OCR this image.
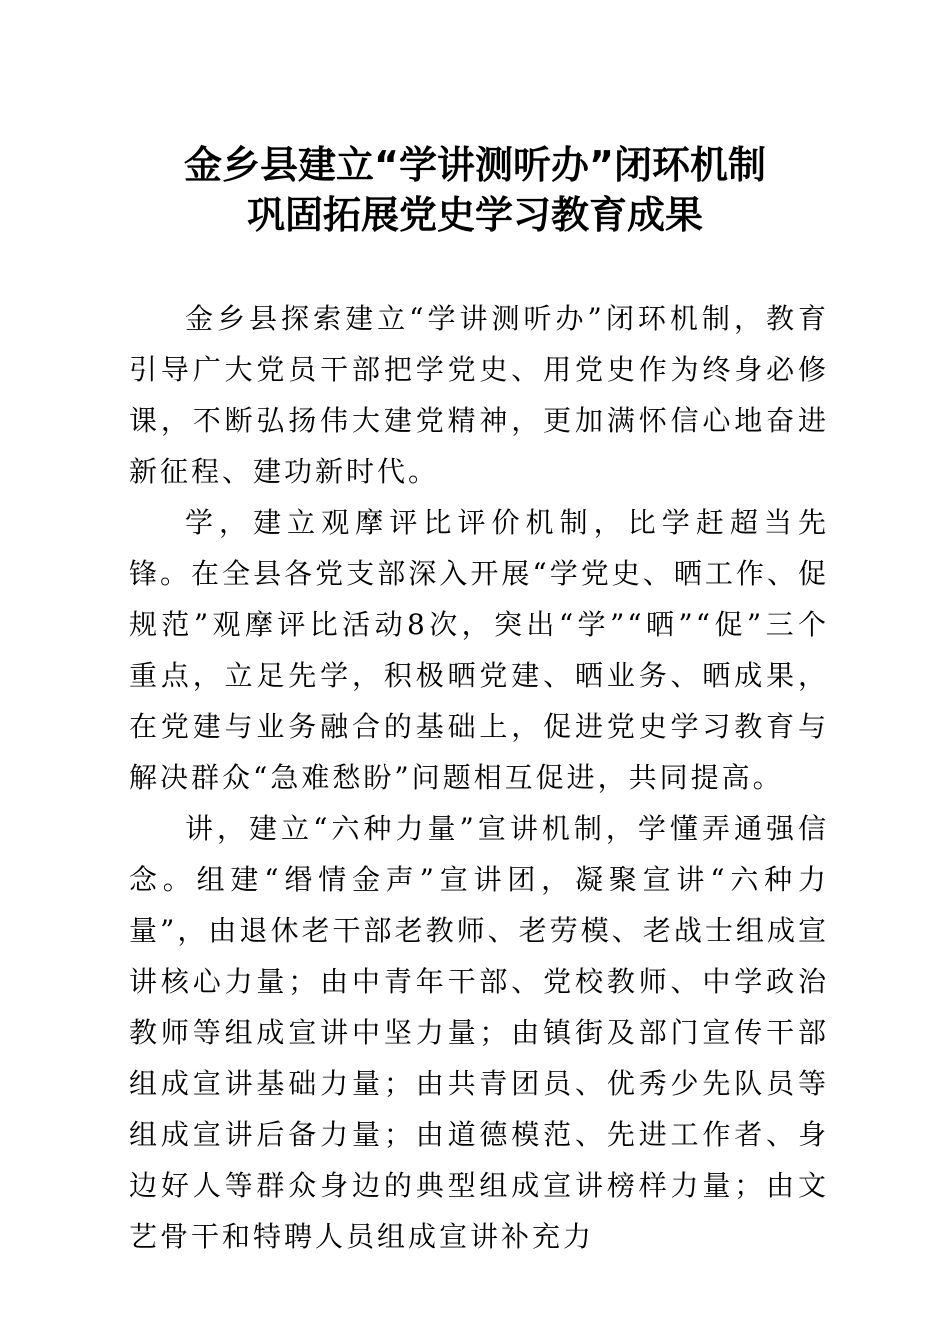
金乡县建立“学讲测听办”闭环机制
巩固拓展党史学习教育成果

金乡县探索建立“学讲测听办”闭环机制，教育引导广大党员干部把学党史、用党史作为终身必修课，不断弘扬伟大建党精神，更加满怀信心地奋进新征程、建功新时代。

学，建立观摩评比评价机制，比学赶超当先锋。在全县各党支部深入开展“学党史、晒工作、促规范”观摩评比活动8次，突出“学”“晒”“促”三个重点，立足先学，积极晒党建、晒业务、晒成果，在党建与业务融合的基础上，促进党史学习教育与解决群众“急难愁盼”问题相互促进，共同提高。

讲，建立“六种力量”宣讲机制，学懂弄通强信念。组建“缗情金声”宣讲团，凝聚宣讲“六种力量”，由退休老干部老教师、老劳模、老战士组成宣讲核心力量；由中青年干部、党校教师、中学政治教师等组成宣讲中坚力量；由镇街及部门宣传干部组成宣讲基础力量；由共青团员、优秀少先队员等组成宣讲后备力量；由道德模范、先进工作者、身边好人等群众身边的典型组成宣讲榜样力量；由文艺骨干和特聘人员组成宣讲补充力
